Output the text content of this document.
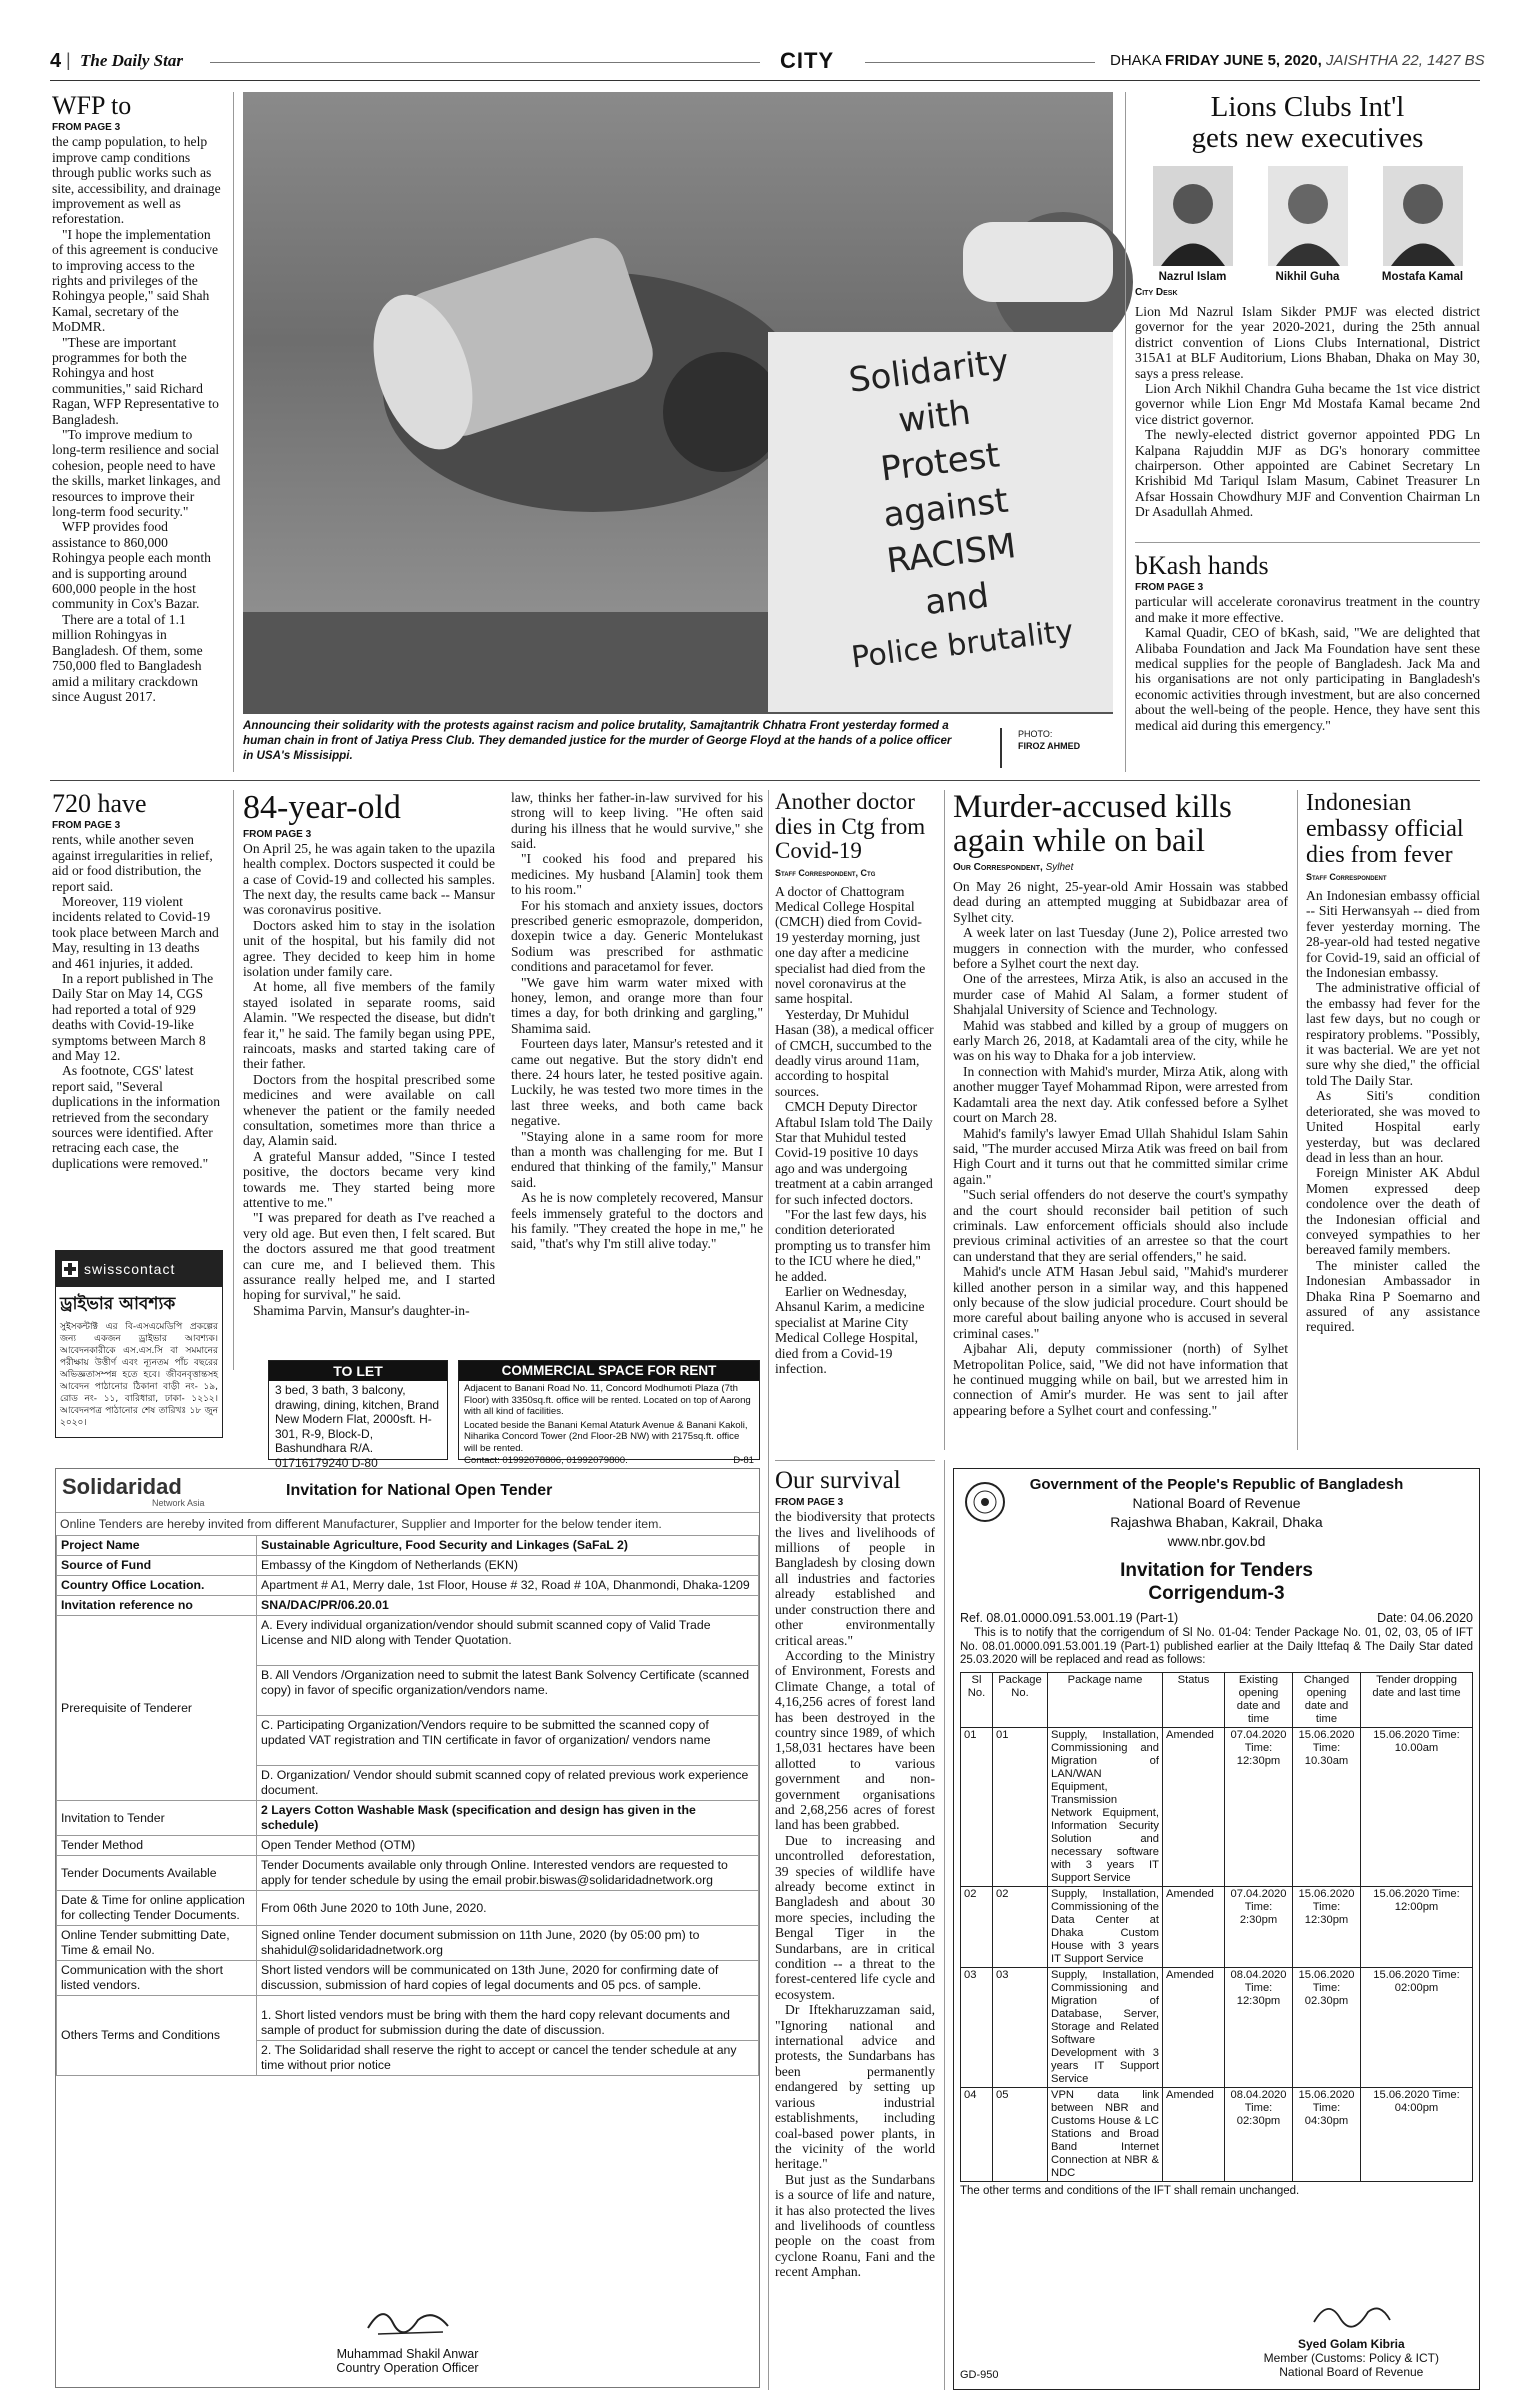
4 | The Daily Star	CITY	DHAKA FRIDAY JUNE 5, 2020, JAISHTHA 22, 1427 BS
WFP to
FROM PAGE 3

the camp population, to help improve camp conditions through public works such as site, accessibility, and drainage improvement as well as reforestation.

"I hope the implementation of this agreement is conducive to improving access to the rights and privileges of the Rohingya people," said Shah Kamal, secretary of the MoDMR.

"These are important programmes for both the Rohingya and host communities," said Richard Ragan, WFP Representative to Bangladesh.

"To improve medium to long-term resilience and social cohesion, people need to have the skills, market linkages, and resources to improve their long-term food security."

WFP provides food assistance to 860,000 Rohingya people each month and is supporting around 600,000 people in the host community in Cox's Bazar.

There are a total of 1.1 million Rohingyas in Bangladesh. Of them, some 750,000 fled to Bangladesh amid a military crackdown since August 2017.

Solidarity
with
Protest
against
RACISM
and
Police brutality
Announcing their solidarity with the protests against racism and police brutality, Samajtantrik Chhatra Front yesterday formed a human chain in front of Jatiya Press Club. They demanded justice for the murder of George Floyd at the hands of a police officer in USA's Missisippi.
PHOTO:
FIROZ AHMED
Lions Clubs Int'l
gets new executives
Nazrul Islam	Nikhil Guha	Mostafa Kamal
City Desk

Lion Md Nazrul Islam Sikder PMJF was elected district governor for the year 2020-2021, during the 25th annual district convention of Lions Clubs International, District 315A1 at BLF Auditorium, Lions Bhaban, Dhaka on May 30, says a press release.

Lion Arch Nikhil Chandra Guha became the 1st vice district governor while Lion Engr Md Mostafa Kamal became 2nd vice district governor.

The newly-elected district governor appointed PDG Ln Kalpana Rajuddin MJF as DG's honorary committee chairperson. Other appointed are Cabinet Secretary Ln Krishibid Md Tariqul Islam Masum, Cabinet Treasurer Ln Afsar Hossain Chowdhury MJF and Convention Chairman Ln Dr Asadullah Ahmed.

bKash hands
FROM PAGE 3

particular will accelerate coronavirus treatment in the country and make it more effective.

Kamal Quadir, CEO of bKash, said, "We are delighted that Alibaba Foundation and Jack Ma Foundation have sent these medical supplies for the people of Bangladesh. Jack Ma and his organisations are not only participating in Bangladesh's economic activities through investment, but are also concerned about the well-being of the people. Hence, they have sent this medical aid during this emergency."

720 have
FROM PAGE 3

rents, while another seven against irregularities in relief, aid or food distribution, the report said.

Moreover, 119 violent incidents related to Covid-19 took place between March and May, resulting in 13 deaths and 461 injuries, it added.

In a report published in The Daily Star on May 14, CGS had reported a total of 929 deaths with Covid-19-like symptoms between March 8 and May 12.

As footnote, CGS' latest report said, "Several duplications in the information retrieved from the secondary sources were identified. After retracing each case, the duplications were removed."

swisscontact
ড্রাইভার আবশ্যক
সুইসকন্টাক্ট এর বি-এসএমেডিপি প্রকল্পের জন্য একজন ড্রাইভার আবশ্যক। আবেদনকারীকে এস.এস.সি বা সমমানের পরীক্ষায় উত্তীর্ণ এবং ন্যূনতম পাঁচ বছরের অভিজ্ঞতাসম্পন্ন হতে হবে। জীবনবৃত্তান্তসহ আবেদন পাঠানোর ঠিকানা বাড়ী নং- ১৯, রোড নং- ১১, বারিধারা, ঢাকা- ১২১২। আবেদনপত্র পাঠানোর শেষ তারিখঃ ১৮ জুন ২০২০।
84-year-old
FROM PAGE 3

On April 25, he was again taken to the upazila health complex. Doctors suspected it could be a case of Covid-19 and collected his samples. The next day, the results came back -- Mansur was coronavirus positive.

Doctors asked him to stay in the isolation unit of the hospital, but his family did not agree. They decided to keep him in home isolation under family care.

At home, all five members of the family stayed isolated in separate rooms, said Alamin. "We respected the disease, but didn't fear it," he said. The family began using PPE, raincoats, masks and started taking care of their father.

Doctors from the hospital prescribed some medicines and were available on call whenever the patient or the family needed consultation, sometimes more than thrice a day, Alamin said.

A grateful Mansur added, "Since I tested positive, the doctors became very kind towards me. They started being more attentive to me."

"I was prepared for death as I've reached a very old age. But even then, I felt scared. But the doctors assured me that good treatment can cure me, and I believed them. This assurance really helped me, and I started hoping for survival," he said.

Shamima Parvin, Mansur's daughter-in-

law, thinks her father-in-law survived for his strong will to keep living. "He often said during his illness that he would survive," she said.

"I cooked his food and prepared his medicines. My husband [Alamin] took them to his room."

For his stomach and anxiety issues, doctors prescribed generic esmoprazole, domperidon, doxepin twice a day. Generic Montelukast Sodium was prescribed for asthmatic conditions and paracetamol for fever.

"We gave him warm water mixed with honey, lemon, and orange more than four times a day, for both drinking and gargling," Shamima said.

Fourteen days later, Mansur's retested and it came out negative. But the story didn't end there. 24 hours later, he tested positive again. Luckily, he was tested two more times in the last three weeks, and both came back negative.

"Staying alone in a same room for more than a month was challenging for me. But I endured that thinking of the family," Mansur said.

As he is now completely recovered, Mansur feels immensely grateful to the doctors and his family. "They created the hope in me," he said, "that's why I'm still alive today."

TO LET
3 bed, 3 bath, 3 balcony, drawing, dining, kitchen, Brand New Modern Flat, 2000sft. H-301, R-9, Block-D, Bashundhara R/A. 01716179240 D-80
COMMERCIAL SPACE FOR RENT
Adjacent to Banani Road No. 11, Concord Modhumoti Plaza (7th Floor) with 3350sq.ft. office will be rented. Located on top of Aarong with all kind of facilities.
Located beside the Banani Kemal Ataturk Avenue & Banani Kakoli, Niharika Concord Tower (2nd Floor-2B NW) with 2175sq.ft. office will be rented.
Contact: 01992078806, 01992079800.	D-81
Another doctor dies in Ctg from Covid-19
Staff Correspondent, Ctg

A doctor of Chattogram Medical College Hospital (CMCH) died from Covid-19 yesterday morning, just one day after a medicine specialist had died from the novel coronavirus at the same hospital.

Yesterday, Dr Muhidul Hasan (38), a medical officer of CMCH, succumbed to the deadly virus around 11am, according to hospital sources.

CMCH Deputy Director Aftabul Islam told The Daily Star that Muhidul tested Covid-19 positive 10 days ago and was undergoing treatment at a cabin arranged for such infected doctors.

"For the last few days, his condition deteriorated prompting us to transfer him to the ICU where he died," he added.

Earlier on Wednesday, Ahsanul Karim, a medicine specialist at Marine City Medical College Hospital, died from a Covid-19 infection.

Murder-accused kills again while on bail
Our Correspondent, Sylhet

On May 26 night, 25-year-old Amir Hossain was stabbed dead during an attempted mugging at Subidbazar area of Sylhet city.

A week later on last Tuesday (June 2), Police arrested two muggers in connection with the murder, who confessed before a Sylhet court the next day.

One of the arrestees, Mirza Atik, is also an accused in the murder case of Mahid Al Salam, a former student of Shahjalal University of Science and Technology.

Mahid was stabbed and killed by a group of muggers on early March 26, 2018, at Kadamtali area of the city, while he was on his way to Dhaka for a job interview.

In connection with Mahid's murder, Mirza Atik, along with another mugger Tayef Mohammad Ripon, were arrested from Kadamtali area the next day. Atik confessed before a Sylhet court on March 28.

Mahid's family's lawyer Emad Ullah Shahidul Islam Sahin said, "The murder accused Mirza Atik was freed on bail from High Court and it turns out that he committed similar crime again."

"Such serial offenders do not deserve the court's sympathy and the court should reconsider bail petition of such criminals. Law enforcement officials should also include previous criminal activities of an arrestee so that the court can understand that they are serial offenders," he said.

Mahid's uncle ATM Hasan Jebul said, "Mahid's murderer killed another person in a similar way, and this happened only because of the slow judicial procedure. Court should be more careful about bailing anyone who is accused in several criminal cases."

Ajbahar Ali, deputy commissioner (north) of Sylhet Metropolitan Police, said, "We did not have information that he continued mugging while on bail, but we arrested him in connection of Amir's murder. He was sent to jail after appearing before a Sylhet court and confessing."

Indonesian embassy official dies from fever
Staff Correspondent

An Indonesian embassy official -- Siti Herwansyah -- died from fever yesterday morning. The 28-year-old had tested negative for Covid-19, said an official of the Indonesian embassy.

The administrative official of the embassy had fever for the last few days, but no cough or respiratory problems. "Possibly, it was bacterial. We are yet not sure why she died," the official told The Daily Star.

As Siti's condition deteriorated, she was moved to United Hospital early yesterday, but was declared dead in less than an hour.

Foreign Minister AK Abdul Momen expressed deep condolence over the death of the Indonesian official and conveyed sympathies to her bereaved family members.

The minister called the Indonesian Ambassador in Dhaka Rina P Soemarno and assured of any assistance required.

Solidaridad
Network Asia
Invitation for National Open Tender
Online Tenders are hereby invited from different Manufacturer, Supplier and Importer for the below tender item.
Project Name	Sustainable Agriculture, Food Security and Linkages (SaFaL 2)
Source of Fund	Embassy of the Kingdom of Netherlands (EKN)
Country Office Location.	Apartment # A1, Merry dale, 1st Floor, House # 32, Road # 10A, Dhanmondi, Dhaka-1209
Invitation reference no	SNA/DAC/PR/06.20.01
Prerequisite of Tenderer	A. Every individual organization/vendor should submit scanned copy of Valid Trade License and NID along with Tender Quotation.
	B. All Vendors /Organization need to submit the latest Bank Solvency Certificate (scanned copy) in favor of specific organization/vendors name.
	C. Participating Organization/Vendors require to be submitted the scanned copy of updated VAT registration and TIN certificate in favor of organization/ vendors name
	D. Organization/ Vendor should submit scanned copy of related previous work experience document.
Invitation to Tender	2 Layers Cotton Washable Mask (specification and design has given in the schedule)
Tender Method	Open Tender Method (OTM)
Tender Documents Available	Tender Documents available only through Online. Interested vendors are requested to apply for tender schedule by using the email probir.biswas@solidaridadnetwork.org
Date & Time for online application for collecting Tender Documents.	From 06th June 2020 to 10th June, 2020.
Online Tender submitting Date, Time & email No.	Signed online Tender document submission on 11th June, 2020 (by 05:00 pm) to shahidul@solidaridadnetwork.org
Communication with the short listed vendors.	Short listed vendors will be communicated on 13th June, 2020 for confirming date of discussion, submission of hard copies of legal documents and 05 pcs. of sample.
Others Terms and Conditions	1. Short listed vendors must be bring with them the hard copy relevant documents and sample of product for submission during the date of discussion.
	2. The Solidaridad shall reserve the right to accept or cancel the tender schedule at any time without prior notice
Muhammad Shakil Anwar
Country Operation Officer
Our survival
FROM PAGE 3

the biodiversity that protects the lives and livelihoods of millions of people in Bangladesh by closing down all industries and factories already established and under construction there and other environmentally critical areas."

According to the Ministry of Environment, Forests and Climate Change, a total of 4,16,256 acres of forest land has been destroyed in the country since 1989, of which 1,58,031 hectares have been allotted to various government and non-government organisations and 2,68,256 acres of forest land has been grabbed.

Due to increasing and uncontrolled deforestation, 39 species of wildlife have already become extinct in Bangladesh and about 30 more species, including the Bengal Tiger in the Sundarbans, are in critical condition -- a threat to the forest-centered life cycle and ecosystem.

Dr Iftekharuzzaman said, "Ignoring national and international advice and protests, the Sundarbans has been permanently endangered by setting up various industrial establishments, including coal-based power plants, in the vicinity of the world heritage."

But just as the Sundarbans is a source of life and nature, it has also protected the lives and livelihoods of countless people on the coast from cyclone Roanu, Fani and the recent Amphan.

Government of the People's Republic of Bangladesh
National Board of Revenue
Rajashwa Bhaban, Kakrail, Dhaka
www.nbr.gov.bd
Invitation for Tenders
Corrigendum-3
Ref. 08.01.0000.091.53.001.19 (Part-1)	Date: 04.06.2020
This is to notify that the corrigendum of Sl No. 01-04: Tender Package No. 01, 02, 03, 05 of IFT No. 08.01.0000.091.53.001.19 (Part-1) published earlier at the Daily Ittefaq & The Daily Star dated 25.03.2020 will be replaced and read as follows:
Sl No.	Package No.	Package name	Status	Existing opening date and time	Changed opening date and time	Tender dropping date and last time
01	01	Supply, Installation, Commissioning and Migration of LAN/WAN Equipment, Transmission Network Equipment, Information Security Solution and necessary software with 3 years IT Support Service	Amended	07.04.2020 Time: 12:30pm	15.06.2020 Time: 10.30am	15.06.2020 Time: 10.00am
02	02	Supply, Installation, Commissioning of the Data Center at Dhaka Custom House with 3 years IT Support Service	Amended	07.04.2020 Time: 2:30pm	15.06.2020 Time: 12:30pm	15.06.2020 Time: 12:00pm
03	03	Supply, Installation, Commissioning and Migration of Database, Server, Storage and Related Software Development with 3 years IT Support Service	Amended	08.04.2020 Time: 12:30pm	15.06.2020 Time: 02.30pm	15.06.2020 Time: 02:00pm
04	05	VPN data link between NBR and Customs House & LC Stations and Broad Band Internet Connection at NBR & NDC	Amended	08.04.2020 Time: 02:30pm	15.06.2020 Time: 04:30pm	15.06.2020 Time: 04:00pm
The other terms and conditions of the IFT shall remain unchanged.
Syed Golam Kibria
Member (Customs: Policy & ICT)
National Board of Revenue
GD-950
